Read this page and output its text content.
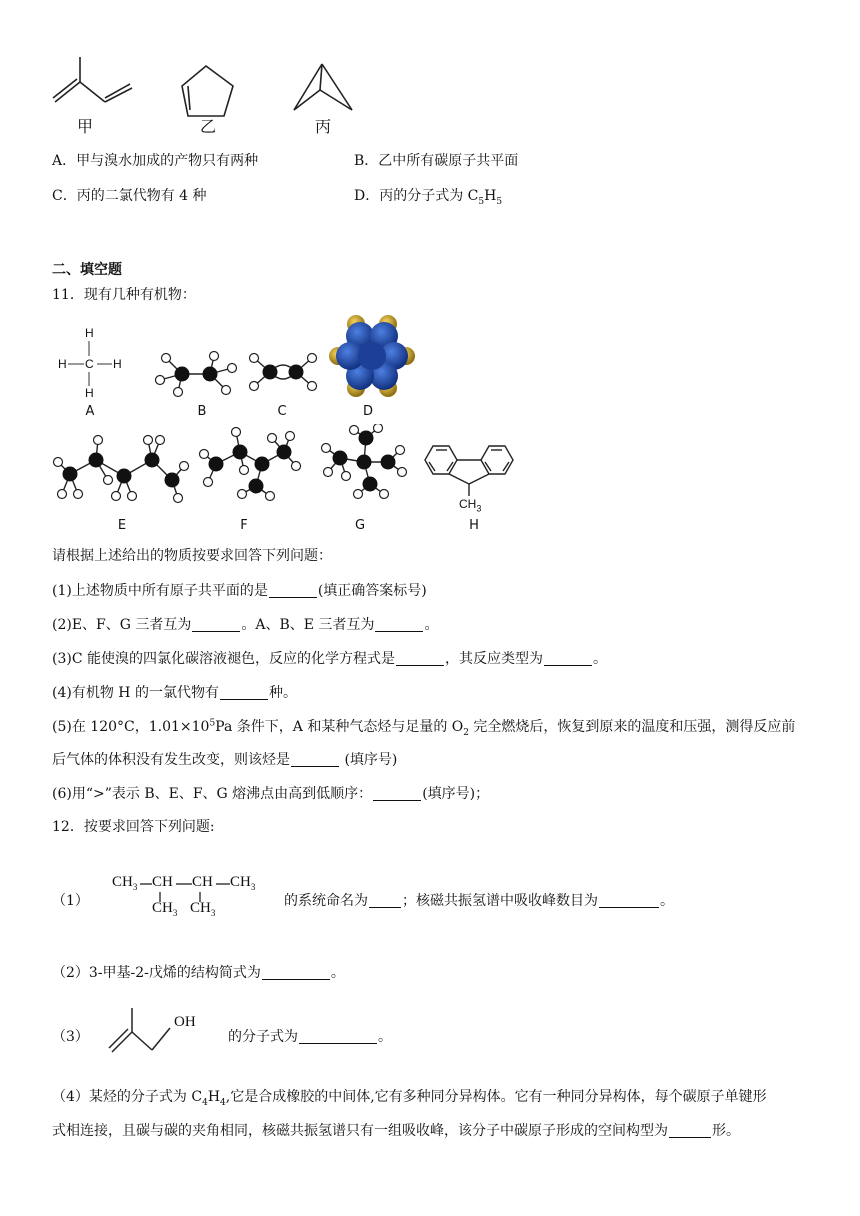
甲	乙	丙
A．甲与溴水加成的产物只有两种	B．乙中所有碳原子共平面
C．丙的二氯代物有 4 种	D．丙的分子式为 $C_5H_5$
二、填空题
11．现有几种有机物：
H
H C H
H
A	B	C	D
E	F	G
$CH_3$
H
请根据上述给出的物质按要求回答下列问题：
(1)上述物质中所有原子共平面的是	(填正确答案标号)
(2)E、F、G 三者互为	。A、B、E 三者互为	。
(3)C 能使溴的四氯化碳溶液褪色，反应的化学方程式是	，其反应类型为	。
(4)有机物 H 的一氯代物有	种。
(5)在 120°C，$1.01\times 10^5Pa$ 条件下，A 和某种气态烃与足量的 $O_2$ 完全燃烧后，恢复到原来的温度和压强，测得反应前
后气体的体积没有发生改变，则该烃是	(填序号)
(6)用“>”表示 B、E、F、G 熔沸点由高到低顺序：	(填序号)；
12．按要求回答下列问题:
（1）
$CH_3$ CH CH $CH_3$
$CH_3$ $CH_3$
的系统命名为 ；核磁共振氢谱中吸收峰数目为	。
（2）3-甲基-2-戊烯的结构简式为	。
（3）
OH
的分子式为	。
（4）某烃的分子式为 $C_4H_4$,它是合成橡胶的中间体,它有多种同分异构体。它有一种同分异构体，每个碳原子单键形
式相连接，且碳与碳的夹角相同，核磁共振氢谱只有一组吸收峰，该分子中碳原子形成的空间构型为	形。
